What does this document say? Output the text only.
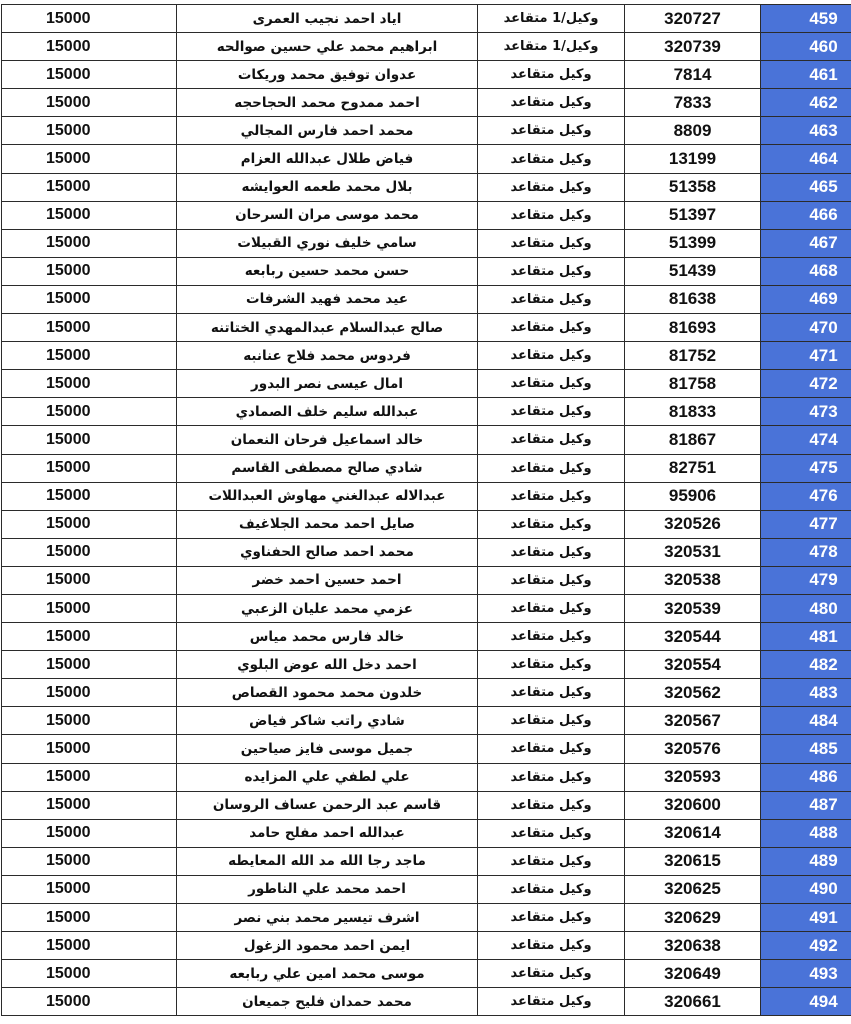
15000	اياد احمد نجيب العمرى	وكيل/1 متقاعد	320727	459
15000	ابراهيم محمد علي حسين صوالحه	وكيل/1 متقاعد	320739	460
15000	عدوان توفيق محمد وريكات	وكيل متقاعد	7814	461
15000	احمد ممدوح محمد الحجاحجه	وكيل متقاعد	7833	462
15000	محمد احمد فارس المجالي	وكيل متقاعد	8809	463
15000	فياض طلال عبدالله العزام	وكيل متقاعد	13199	464
15000	بلال محمد طعمه العوايشه	وكيل متقاعد	51358	465
15000	محمد موسى مران السرحان	وكيل متقاعد	51397	466
15000	سامي خليف نوري القبيلات	وكيل متقاعد	51399	467
15000	حسن محمد حسين ربابعه	وكيل متقاعد	51439	468
15000	عيد محمد فهيد الشرفات	وكيل متقاعد	81638	469
15000	صالح عبدالسلام عبدالمهدي الختاتنه	وكيل متقاعد	81693	470
15000	فردوس محمد فلاح عنانبه	وكيل متقاعد	81752	471
15000	امال عيسى نصر البدور	وكيل متقاعد	81758	472
15000	عبدالله سليم خلف الصمادي	وكيل متقاعد	81833	473
15000	خالد اسماعيل فرحان النعمان	وكيل متقاعد	81867	474
15000	شادي صالح مصطفى القاسم	وكيل متقاعد	82751	475
15000	عبدالاله عبدالغني مهاوش العبداللات	وكيل متقاعد	95906	476
15000	صايل احمد محمد الجلاغيف	وكيل متقاعد	320526	477
15000	محمد احمد صالح الحفناوي	وكيل متقاعد	320531	478
15000	احمد حسين احمد خضر	وكيل متقاعد	320538	479
15000	عزمي محمد عليان الزعبي	وكيل متقاعد	320539	480
15000	خالد فارس محمد مياس	وكيل متقاعد	320544	481
15000	احمد دخل الله عوض البلوي	وكيل متقاعد	320554	482
15000	خلدون محمد محمود القصاص	وكيل متقاعد	320562	483
15000	شادي راتب شاكر فياض	وكيل متقاعد	320567	484
15000	جميل موسى فايز صياحين	وكيل متقاعد	320576	485
15000	علي لطفي علي المزايده	وكيل متقاعد	320593	486
15000	قاسم عبد الرحمن عساف الروسان	وكيل متقاعد	320600	487
15000	عبدالله احمد مفلح حامد	وكيل متقاعد	320614	488
15000	ماجد رجا الله مد الله المعايطه	وكيل متقاعد	320615	489
15000	احمد محمد علي الناطور	وكيل متقاعد	320625	490
15000	اشرف تيسير محمد بني نصر	وكيل متقاعد	320629	491
15000	ايمن احمد محمود الزغول	وكيل متقاعد	320638	492
15000	موسى محمد امين علي ربابعه	وكيل متقاعد	320649	493
15000	محمد حمدان فليح جميعان	وكيل متقاعد	320661	494
